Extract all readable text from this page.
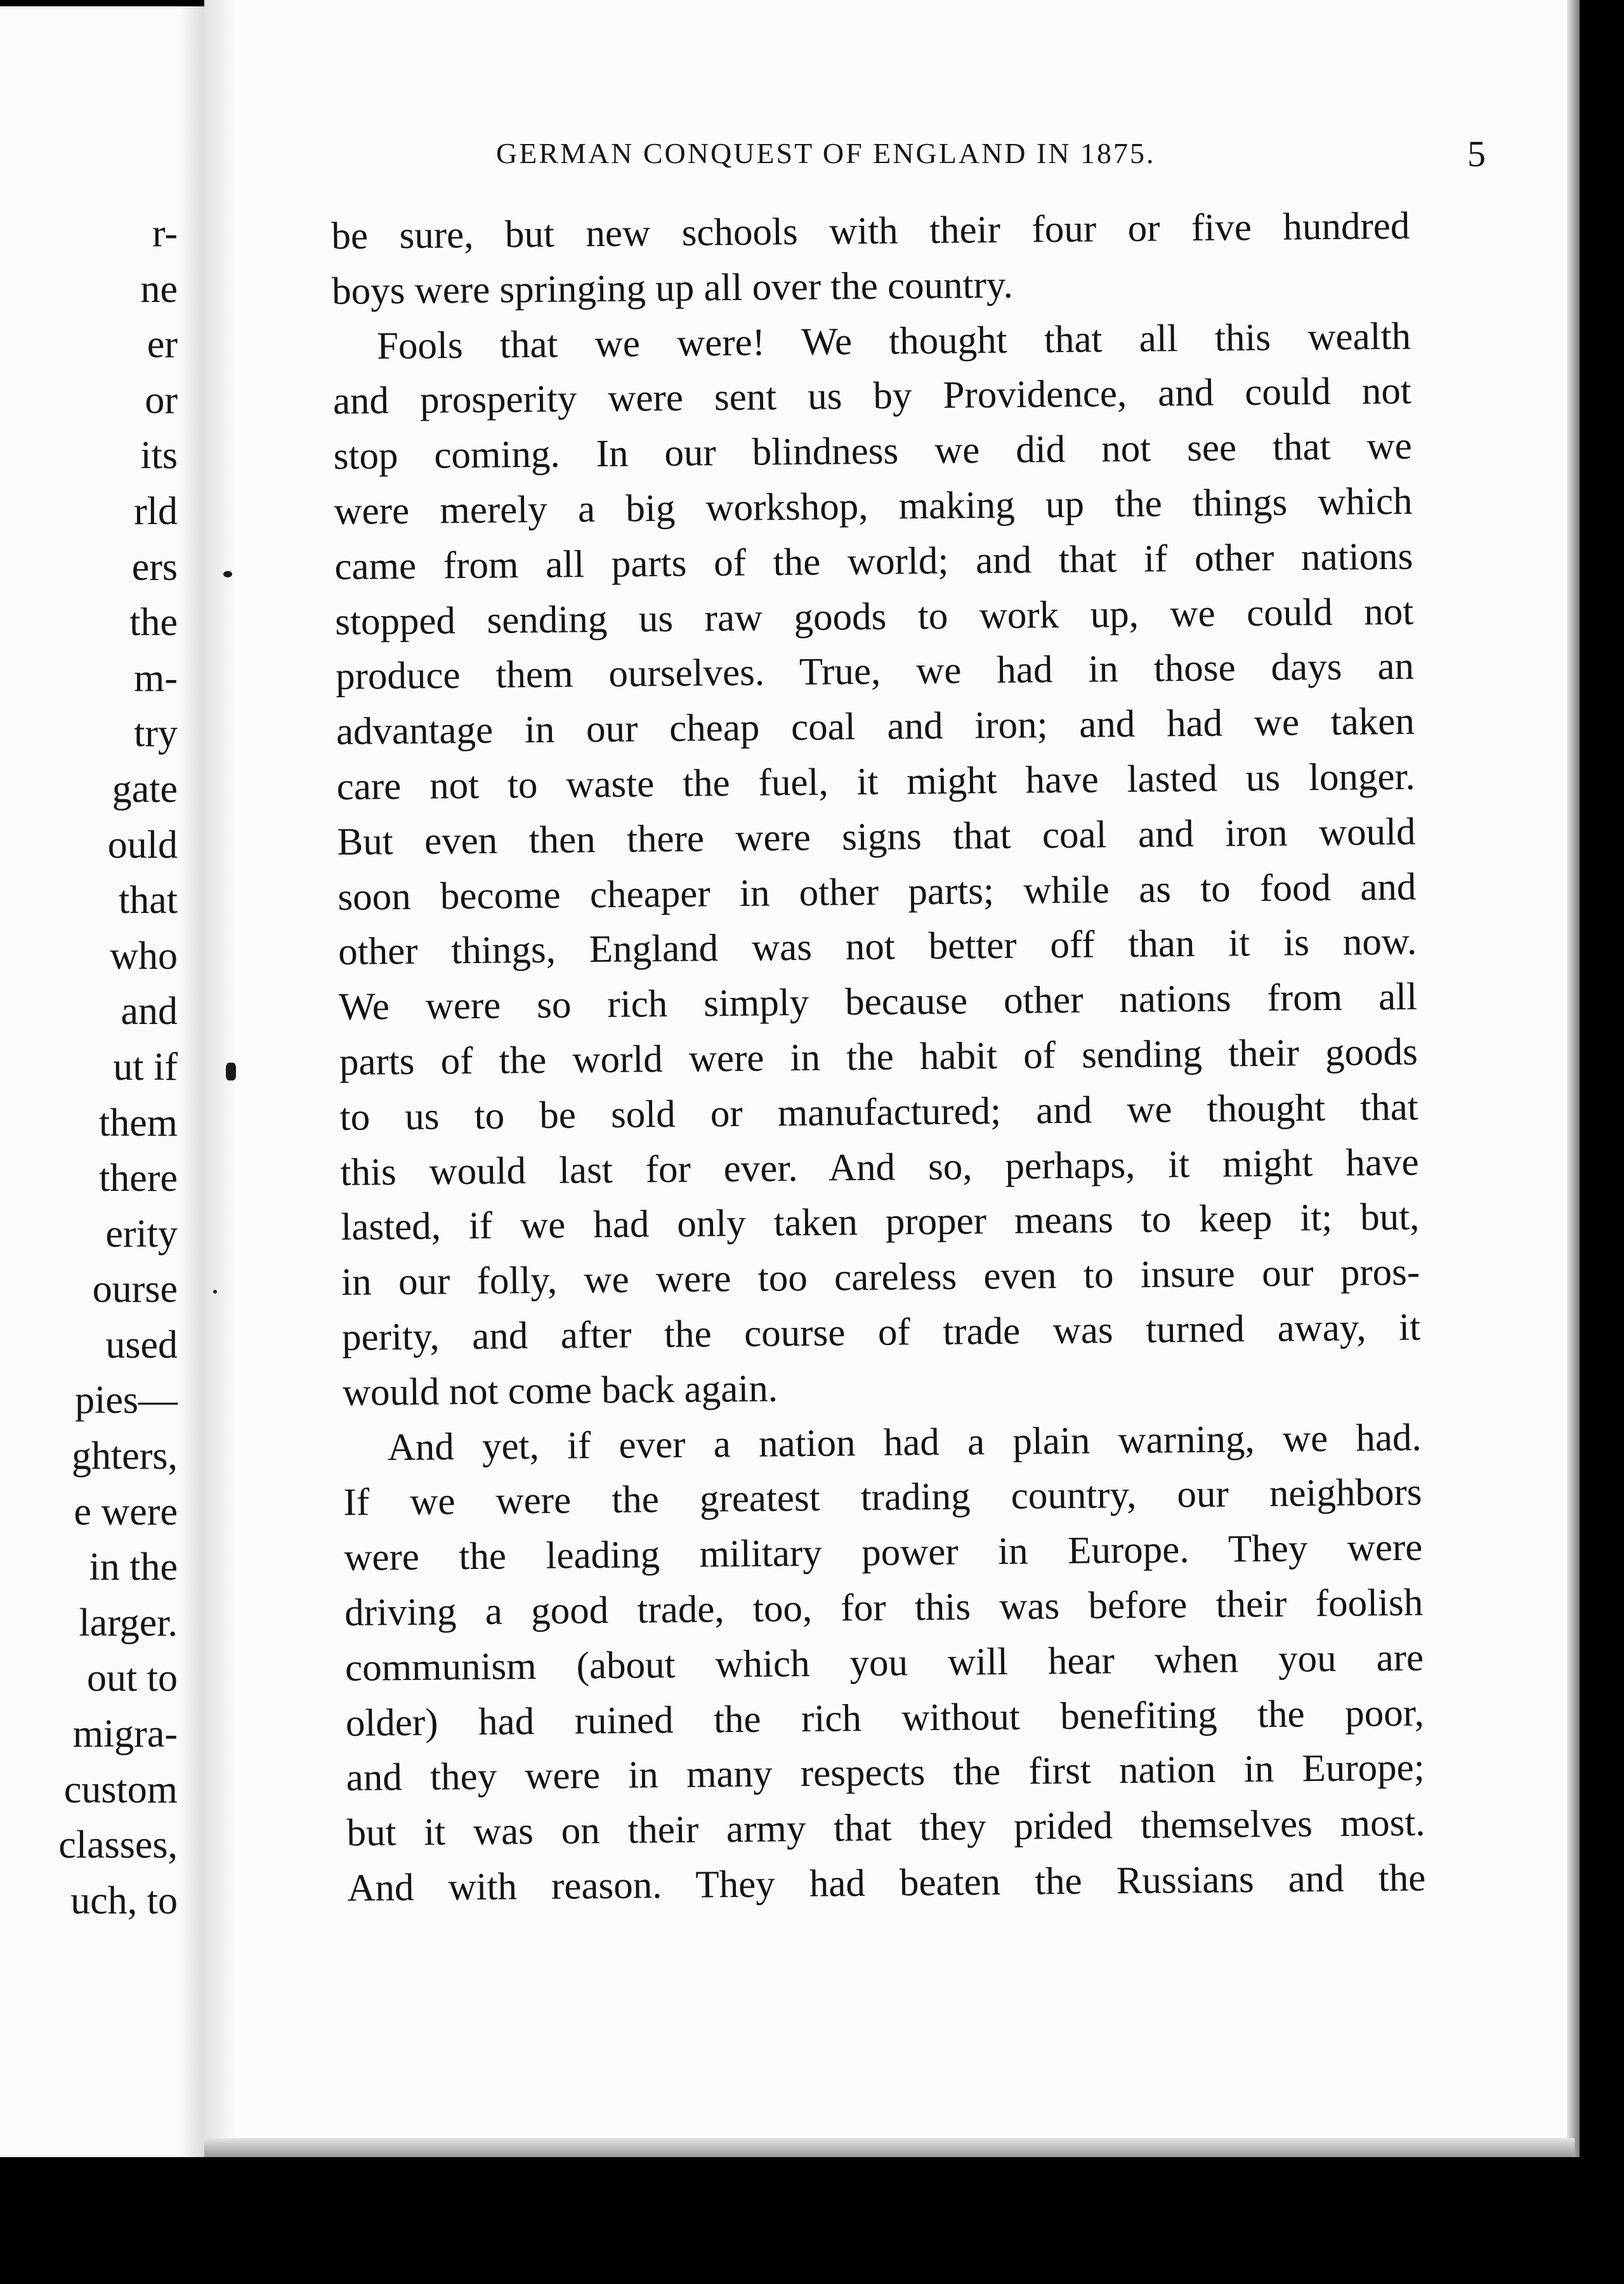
r-
ne
er
or
its
rld
ers
the
m-
try
gate
ould
that
who
and
ut if
them
there
erity
ourse
used
pies—
ghters,
e were
in the
larger.
out to
migra-
custom
classes,
uch, to
GERMAN CONQUEST OF ENGLAND IN 1875.	5
be sure, but new schools with their four or five hundred
boys were springing up all over the country.
Fools that we were! We thought that all this wealth
and prosperity were sent us by Providence, and could not
stop coming. In our blindness we did not see that we
were merely a big workshop, making up the things which
came from all parts of the world; and that if other nations
stopped sending us raw goods to work up, we could not
produce them ourselves. True, we had in those days an
advantage in our cheap coal and iron; and had we taken
care not to waste the fuel, it might have lasted us longer.
But even then there were signs that coal and iron would
soon become cheaper in other parts; while as to food and
other things, England was not better off than it is now.
We were so rich simply because other nations from all
parts of the world were in the habit of sending their goods
to us to be sold or manufactured; and we thought that
this would last for ever. And so, perhaps, it might have
lasted, if we had only taken proper means to keep it; but,
in our folly, we were too careless even to insure our pros-
perity, and after the course of trade was turned away, it
would not come back again.
And yet, if ever a nation had a plain warning, we had.
If we were the greatest trading country, our neighbors
were the leading military power in Europe. They were
driving a good trade, too, for this was before their foolish
communism (about which you will hear when you are
older) had ruined the rich without benefiting the poor,
and they were in many respects the first nation in Europe;
but it was on their army that they prided themselves most.
And with reason. They had beaten the Russians and the
